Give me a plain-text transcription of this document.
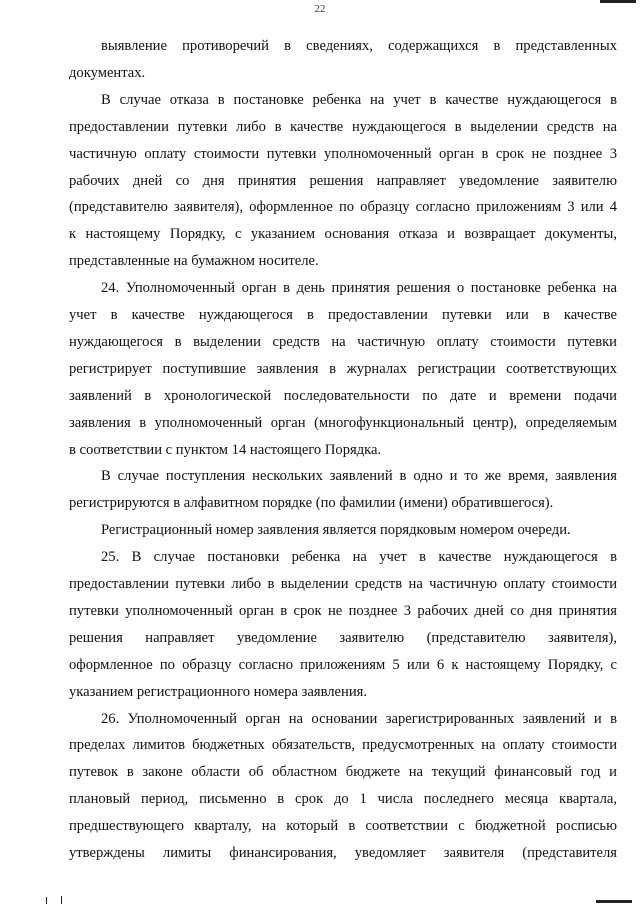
22
выявление противоречий в сведениях, содержащихся в представленных
документах.
В случае отказа в постановке ребенка на учет в качестве нуждающегося в
предоставлении путевки либо в качестве нуждающегося в выделении средств на
частичную оплату стоимости путевки уполномоченный орган в срок не позднее 3
рабочих дней со дня принятия решения направляет уведомление заявителю
(представителю заявителя), оформленное по образцу согласно приложениям 3 или 4
к настоящему Порядку, с указанием основания отказа и возвращает документы,
представленные на бумажном носителе.
24. Уполномоченный орган в день принятия решения о постановке ребенка на
учет в качестве нуждающегося в предоставлении путевки или в качестве
нуждающегося в выделении средств на частичную оплату стоимости путевки
регистрирует поступившие заявления в журналах регистрации соответствующих
заявлений в хронологической последовательности по дате и времени подачи
заявления в уполномоченный орган (многофункциональный центр), определяемым
в соответствии с пунктом 14 настоящего Порядка.
В случае поступления нескольких заявлений в одно и то же время, заявления
регистрируются в алфавитном порядке (по фамилии (имени) обратившегося).
Регистрационный номер заявления является порядковым номером очереди.
25. В случае постановки ребенка на учет в качестве нуждающегося в
предоставлении путевки либо в выделении средств на частичную оплату стоимости
путевки уполномоченный орган в срок не позднее 3 рабочих дней со дня принятия
решения направляет уведомление заявителю (представителю заявителя),
оформленное по образцу согласно приложениям 5 или 6 к настоящему Порядку, с
указанием регистрационного номера заявления.
26. Уполномоченный орган на основании зарегистрированных заявлений и в
пределах лимитов бюджетных обязательств, предусмотренных на оплату стоимости
путевок в законе области об областном бюджете на текущий финансовый год и
плановый период, письменно в срок до 1 числа последнего месяца квартала,
предшествующего кварталу, на который в соответствии с бюджетной росписью
утверждены лимиты финансирования, уведомляет заявителя (представителя
